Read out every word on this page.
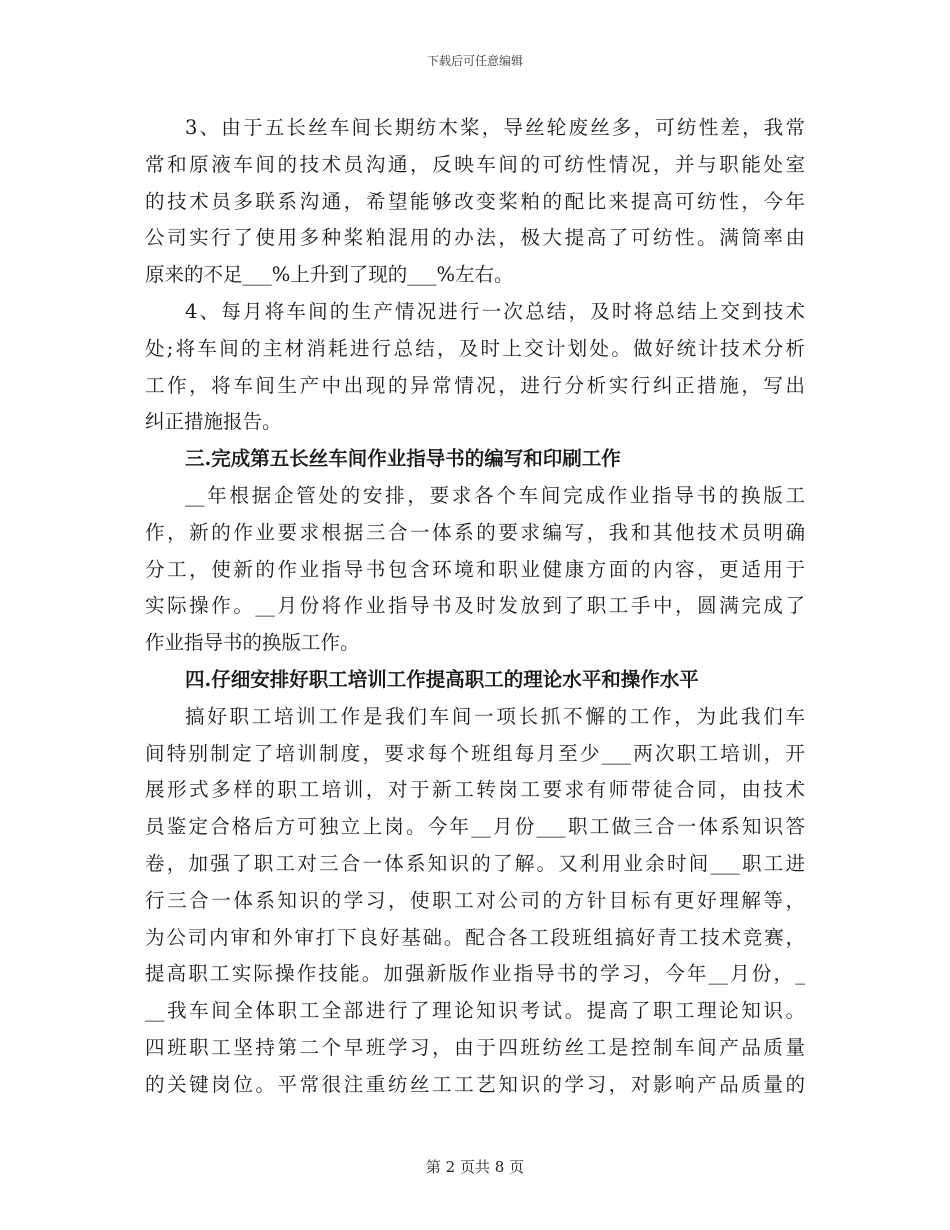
下载后可任意编辑
3、由于五长丝车间长期纺木桨，导丝轮废丝多，可纺性差，我常
常和原液车间的技术员沟通，反映车间的可纺性情况，并与职能处室
的技术员多联系沟通，希望能够改变桨粕的配比来提高可纺性，今年
公司实行了使用多种桨粕混用的办法，极大提高了可纺性。满筒率由
原来的不足___%上升到了现的___%左右。
4、每月将车间的生产情况进行一次总结，及时将总结上交到技术
处;将车间的主材消耗进行总结，及时上交计划处。做好统计技术分析
工作，将车间生产中出现的异常情况，进行分析实行纠正措施，写出
纠正措施报告。
三.完成第五长丝车间作业指导书的编写和印刷工作
__年根据企管处的安排，要求各个车间完成作业指导书的换版工
作，新的作业要求根据三合一体系的要求编写，我和其他技术员明确
分工，使新的作业指导书包含环境和职业健康方面的内容，更适用于
实际操作。__月份将作业指导书及时发放到了职工手中，圆满完成了
作业指导书的换版工作。
四.仔细安排好职工培训工作提高职工的理论水平和操作水平
搞好职工培训工作是我们车间一项长抓不懈的工作，为此我们车
间特别制定了培训制度，要求每个班组每月至少___两次职工培训，开
展形式多样的职工培训，对于新工转岗工要求有师带徒合同，由技术
员鉴定合格后方可独立上岗。今年__月份___职工做三合一体系知识答
卷，加强了职工对三合一体系知识的了解。又利用业余时间___职工进
行三合一体系知识的学习，使职工对公司的方针目标有更好理解等，
为公司内审和外审打下良好基础。配合各工段班组搞好青工技术竞赛，
提高职工实际操作技能。加强新版作业指导书的学习，今年__月份，_
__我车间全体职工全部进行了理论知识考试。提高了职工理论知识。
四班职工坚持第二个早班学习，由于四班纺丝工是控制车间产品质量
的关键岗位。平常很注重纺丝工工艺知识的学习，对影响产品质量的
第 2 页共 8 页
